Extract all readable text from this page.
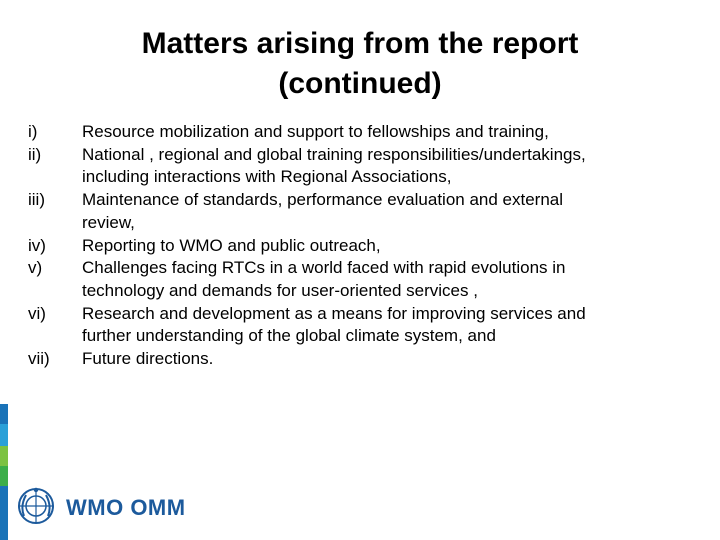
Matters arising from the report
(continued)
i)	Resource mobilization and support to fellowships and training,
ii) National , regional and global training responsibilities/undertakings,
including interactions with Regional Associations,
iii) Maintenance of standards, performance evaluation and external
review,
iv) Reporting to WMO and public outreach,
v) Challenges facing RTCs in a world faced with rapid evolutions in
technology and demands for user-oriented services ,
vi) Research and development as a means for improving services and
further understanding of the global climate system, and
vii) Future directions.
WMO OMM
